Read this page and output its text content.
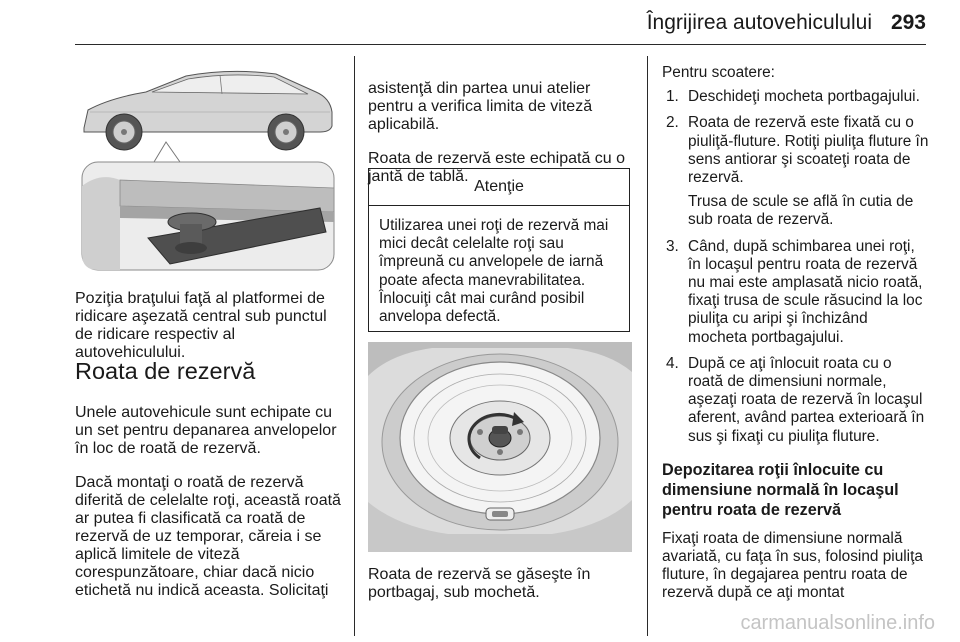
Îngrijirea autovehiculului 293
Poziţia braţului faţă al platformei de ridicare aşezată central sub punctul de ridicare respectiv al autovehiculului.
Roata de rezervă

Unele autovehicule sunt echipate cu un set pentru depanarea anvelopelor în loc de roată de rezervă.

Dacă montaţi o roată de rezervă diferită de celelalte roţi, această roată ar putea fi clasificată ca roată de rezervă de uz temporar, căreia i se aplică limitele de viteză corespunzătoare, chiar dacă nicio etichetă nu indică aceasta. Solicitaţi

asistenţă din partea unui atelier pentru a verifica limita de viteză aplicabilă.

Roata de rezervă este echipată cu o jantă de tablă.

Atenţie
Utilizarea unei roţi de rezervă mai mici decât celelalte roţi sau împreună cu anvelopele de iarnă poate afecta manevrabilitatea. Înlocuiţi cât mai curând posibil anvelopa defectă.
Roata de rezervă se găseşte în portbagaj, sub mochetă.

Pentru scoatere:

1. Deschideţi mocheta portbagajului.
2. Roata de rezervă este fixată cu o piuliţă-fluture. Rotiţi piuliţa fluture în sens antiorar şi scoateţi roata de rezervă.
Trusa de scule se află în cutia de sub roata de rezervă.
3. Când, după schimbarea unei roţi, în locaşul pentru roata de rezervă nu mai este amplasată nicio roată, fixaţi trusa de scule răsucind la loc piuliţa cu aripi şi închizând mocheta portbagajului.
4. După ce aţi înlocuit roata cu o roată de dimensiuni normale, aşezaţi roata de rezervă în locaşul aferent, având partea exterioară în sus şi fixaţi cu piuliţa fluture.
Depozitarea roţii înlocuite cu dimensiune normală în locaşul pentru roata de rezervă

Fixaţi roata de dimensiune normală avariată, cu faţa în sus, folosind piuliţa fluture, în degajarea pentru roata de rezervă după ce aţi montat

carmanualsonline.info
